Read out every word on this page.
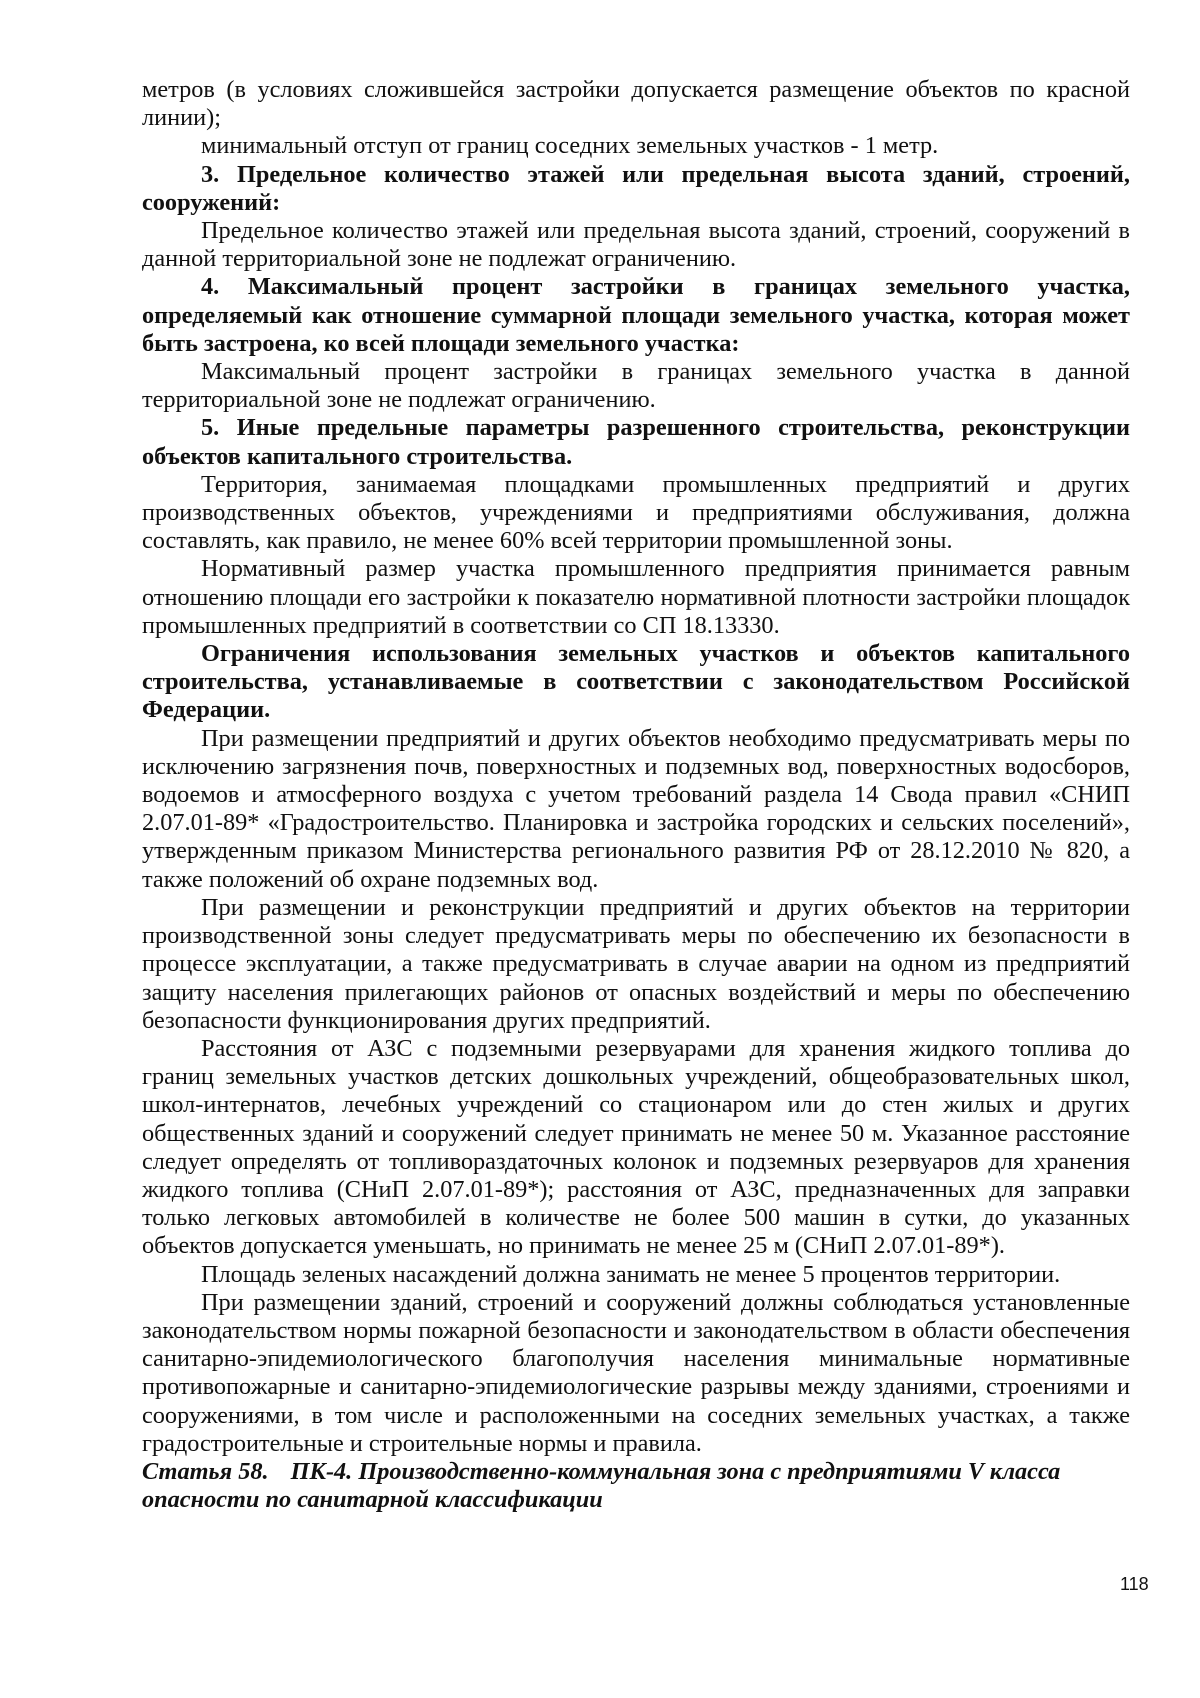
метров (в условиях сложившейся застройки допускается размещение объектов по красной линии);

минимальный отступ от границ соседних земельных участков - 1 метр.

3. Предельное количество этажей или предельная высота зданий, строений, сооружений:

Предельное количество этажей или предельная высота зданий, строений, сооружений в данной территориальной зоне не подлежат ограничению.

4. Максимальный процент застройки в границах земельного участка, определяемый как отношение суммарной площади земельного участка, которая может быть застроена, ко всей площади земельного участка:

Максимальный процент застройки в границах земельного участка в данной территориальной зоне не подлежат ограничению.

5. Иные предельные параметры разрешенного строительства, реконструкции объектов капитального строительства.

Территория, занимаемая площадками промышленных предприятий и других производственных объектов, учреждениями и предприятиями обслуживания, должна составлять, как правило, не менее 60% всей территории промышленной зоны.

Нормативный размер участка промышленного предприятия принимается равным отношению площади его застройки к показателю нормативной плотности застройки площадок промышленных предприятий в соответствии со СП 18.13330.

Ограничения использования земельных участков и объектов капитального строительства, устанавливаемые в соответствии с законодательством Российской Федерации.

При размещении предприятий и других объектов необходимо предусматривать меры по исключению загрязнения почв, поверхностных и подземных вод, поверхностных водосборов, водоемов и атмосферного воздуха с учетом требований раздела 14 Свода правил «СНИП 2.07.01-89* «Градостроительство. Планировка и застройка городских и сельских поселений», утвержденным приказом Министерства регионального развития РФ от 28.12.2010 № 820, а также положений об охране подземных вод.

При размещении и реконструкции предприятий и других объектов на территории производственной зоны следует предусматривать меры по обеспечению их безопасности в процессе эксплуатации, а также предусматривать в случае аварии на одном из предприятий защиту населения прилегающих районов от опасных воздействий и меры по обеспечению безопасности функционирования других предприятий.

Расстояния от АЗС с подземными резервуарами для хранения жидкого топлива до границ земельных участков детских дошкольных учреждений, общеобразовательных школ, школ-интернатов, лечебных учреждений со стационаром или до стен жилых и других общественных зданий и сооружений следует принимать не менее 50 м. Указанное расстояние следует определять от топливораздаточных колонок и подземных резервуаров для хранения жидкого топлива (СНиП 2.07.01-89*); расстояния от АЗС, предназначенных для заправки только легковых автомобилей в количестве не более 500 машин в сутки, до указанных объектов допускается уменьшать, но принимать не менее 25 м (СНиП 2.07.01-89*).

Площадь зеленых насаждений должна занимать не менее 5 процентов территории.

При размещении зданий, строений и сооружений должны соблюдаться установленные законодательством нормы пожарной безопасности и законодательством в области обеспечения санитарно-эпидемиологического благополучия населения минимальные нормативные противопожарные и санитарно-эпидемиологические разрывы между зданиями, строениями и сооружениями, в том числе и расположенными на соседних земельных участках, а также градостроительные и строительные нормы и правила.

Статья 58. ПК-4. Производственно-коммунальная зона с предприятиями V класса опасности по санитарной классификации

118
